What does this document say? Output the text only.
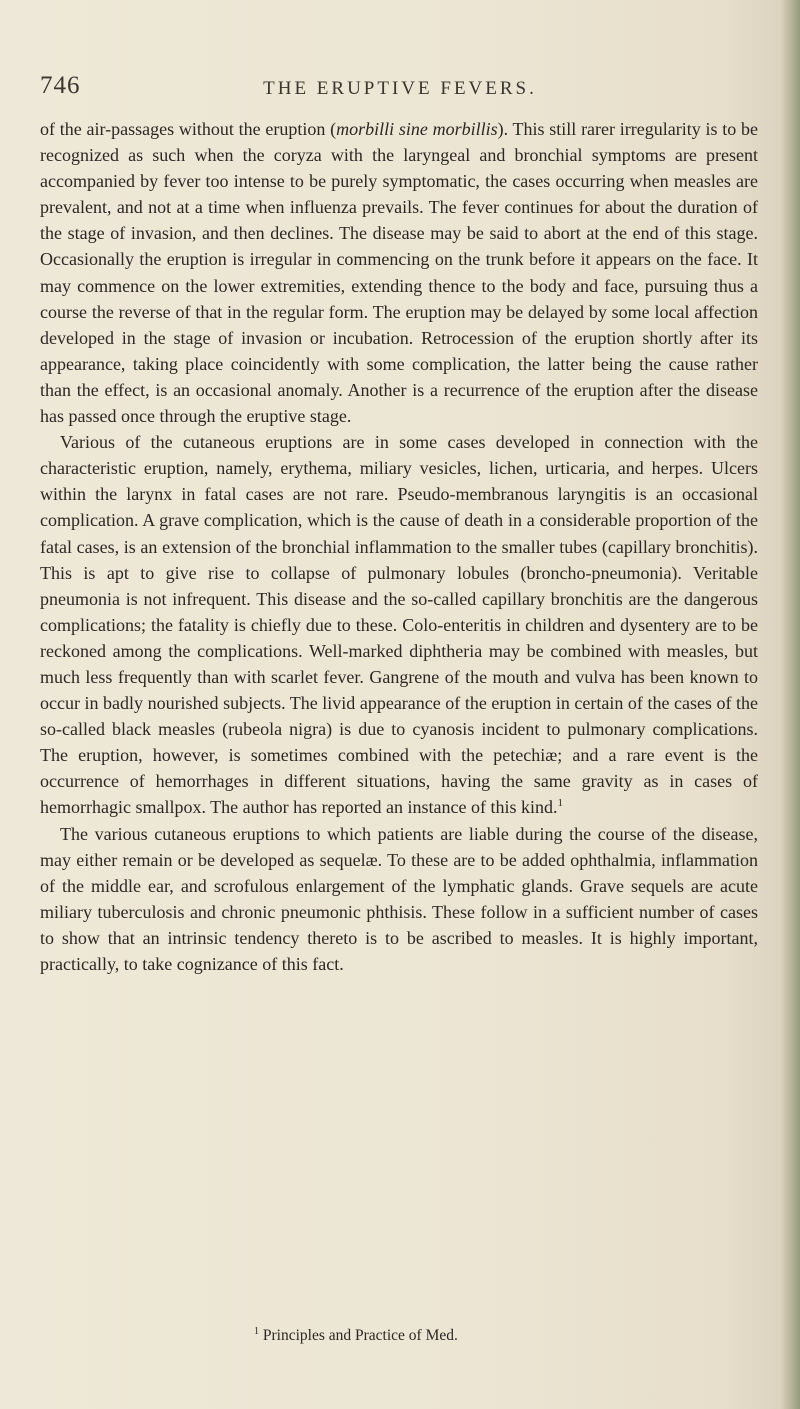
746	THE ERUPTIVE FEVERS.

of the air-passages without the eruption (morbilli sine morbillis). This still rarer irregularity is to be recognized as such when the coryza with the laryngeal and bronchial symptoms are present accompanied by fever too intense to be purely symptomatic, the cases occurring when measles are prevalent, and not at a time when influenza prevails. The fever continues for about the duration of the stage of invasion, and then declines. The disease may be said to abort at the end of this stage. Occasionally the eruption is irregular in commencing on the trunk before it appears on the face. It may commence on the lower extremities, extending thence to the body and face, pursuing thus a course the reverse of that in the regular form. The eruption may be delayed by some local affection developed in the stage of invasion or incubation. Retrocession of the eruption shortly after its appearance, taking place coincidently with some complication, the latter being the cause rather than the effect, is an occasional anomaly. Another is a recurrence of the eruption after the disease has passed once through the eruptive stage.

Various of the cutaneous eruptions are in some cases developed in connection with the characteristic eruption, namely, erythema, miliary vesicles, lichen, urticaria, and herpes. Ulcers within the larynx in fatal cases are not rare. Pseudo-membranous laryngitis is an occasional complication. A grave complication, which is the cause of death in a considerable proportion of the fatal cases, is an extension of the bronchial inflammation to the smaller tubes (capillary bronchitis). This is apt to give rise to collapse of pulmonary lobules (broncho-pneumonia). Veritable pneumonia is not infrequent. This disease and the so-called capillary bronchitis are the dangerous complications; the fatality is chiefly due to these. Colo-enteritis in children and dysentery are to be reckoned among the complications. Well-marked diphtheria may be combined with measles, but much less frequently than with scarlet fever. Gangrene of the mouth and vulva has been known to occur in badly nourished subjects. The livid appearance of the eruption in certain of the cases of the so-called black measles (rubeola nigra) is due to cyanosis incident to pulmonary complications. The eruption, however, is sometimes combined with the petechiæ; and a rare event is the occurrence of hemorrhages in different situations, having the same gravity as in cases of hemorrhagic smallpox. The author has reported an instance of this kind.$^1$

The various cutaneous eruptions to which patients are liable during the course of the disease, may either remain or be developed as sequelæ. To these are to be added ophthalmia, inflammation of the middle ear, and scrofulous enlargement of the lymphatic glands. Grave sequels are acute miliary tuberculosis and chronic pneumonic phthisis. These follow in a sufficient number of cases to show that an intrinsic tendency thereto is to be ascribed to measles. It is highly important, practically, to take cognizance of this fact.

$^1$ Principles and Practice of Med.
